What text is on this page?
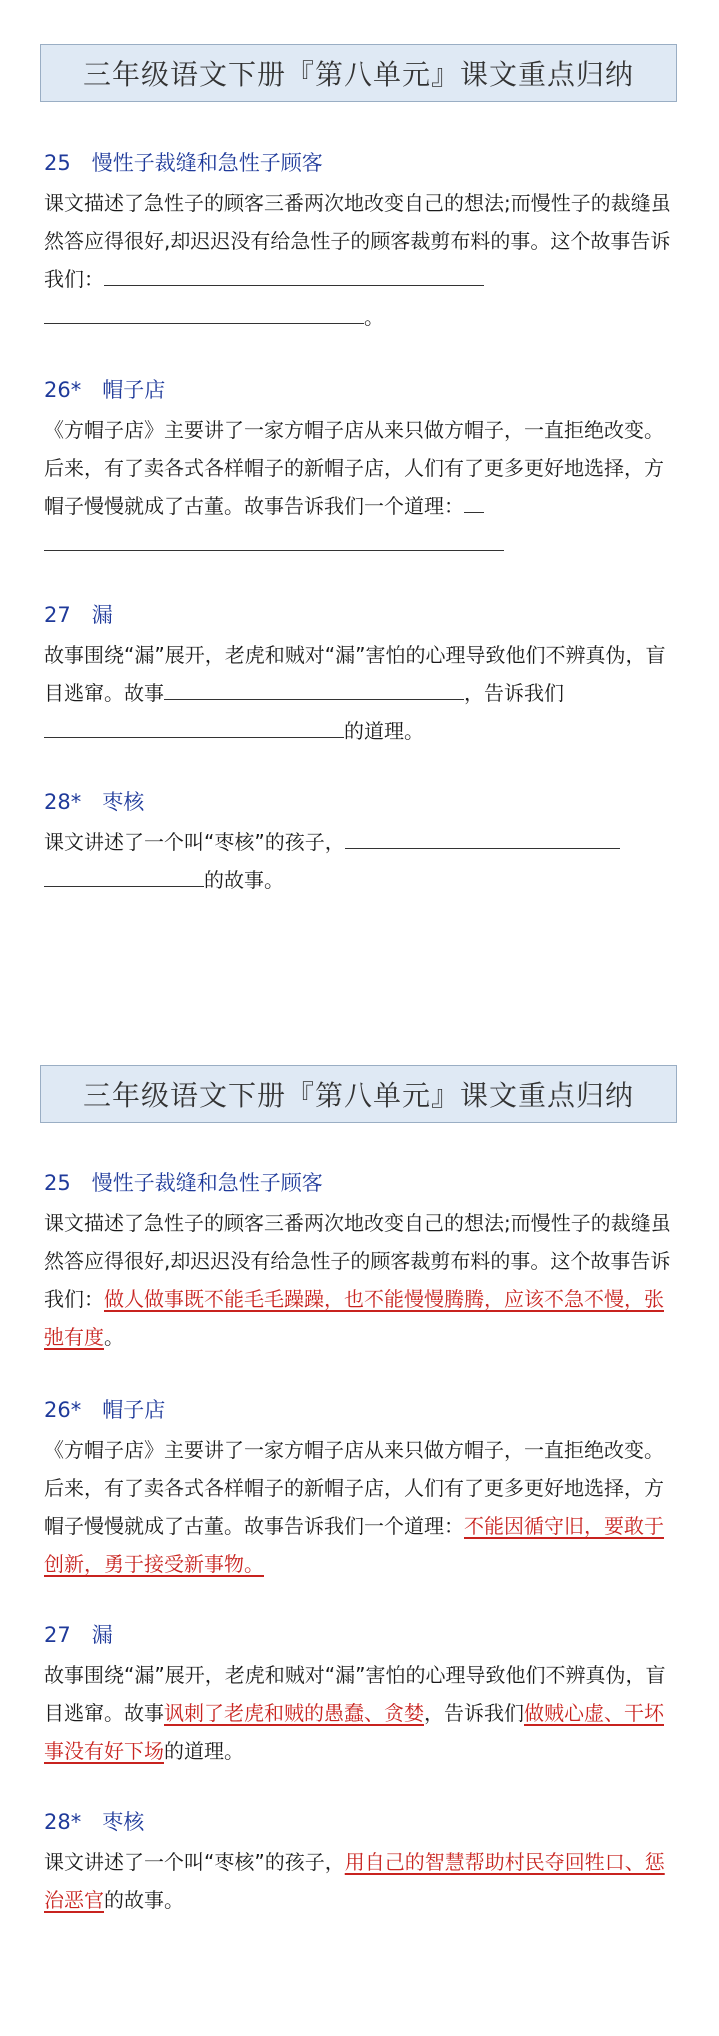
三年级语文下册『第八单元』课文重点归纳
25　慢性子裁缝和急性子顾客
课文描述了急性子的顾客三番两次地改变自己的想法;而慢性子的裁缝虽然答应得很好,却迟迟没有给急性子的顾客裁剪布料的事。这个故事告诉我们：
。
26*　帽子店
《方帽子店》主要讲了一家方帽子店从来只做方帽子，一直拒绝改变。后来，有了卖各式各样帽子的新帽子店，人们有了更多更好地选择，方帽子慢慢就成了古董。故事告诉我们一个道理：

27　漏
故事围绕“漏”展开，老虎和贼对“漏”害怕的心理导致他们不辨真伪，盲目逃窜。故事	，告诉我们的道理。
28*　枣核
课文讲述了一个叫“枣核”的孩子，
的故事。
三年级语文下册『第八单元』课文重点归纳
25　慢性子裁缝和急性子顾客
课文描述了急性子的顾客三番两次地改变自己的想法;而慢性子的裁缝虽然答应得很好,却迟迟没有给急性子的顾客裁剪布料的事。这个故事告诉我们：做人做事既不能毛毛躁躁，也不能慢慢腾腾，应该不急不慢，张弛有度。
26*　帽子店
《方帽子店》主要讲了一家方帽子店从来只做方帽子，一直拒绝改变。后来，有了卖各式各样帽子的新帽子店，人们有了更多更好地选择，方帽子慢慢就成了古董。故事告诉我们一个道理：不能因循守旧，要敢于创新，勇于接受新事物。
27　漏
故事围绕“漏”展开，老虎和贼对“漏”害怕的心理导致他们不辨真伪，盲目逃窜。故事讽刺了老虎和贼的愚蠢、贪婪，告诉我们做贼心虚、干坏事没有好下场的道理。
28*　枣核
课文讲述了一个叫“枣核”的孩子，用自己的智慧帮助村民夺回牲口、惩治恶官的故事。
